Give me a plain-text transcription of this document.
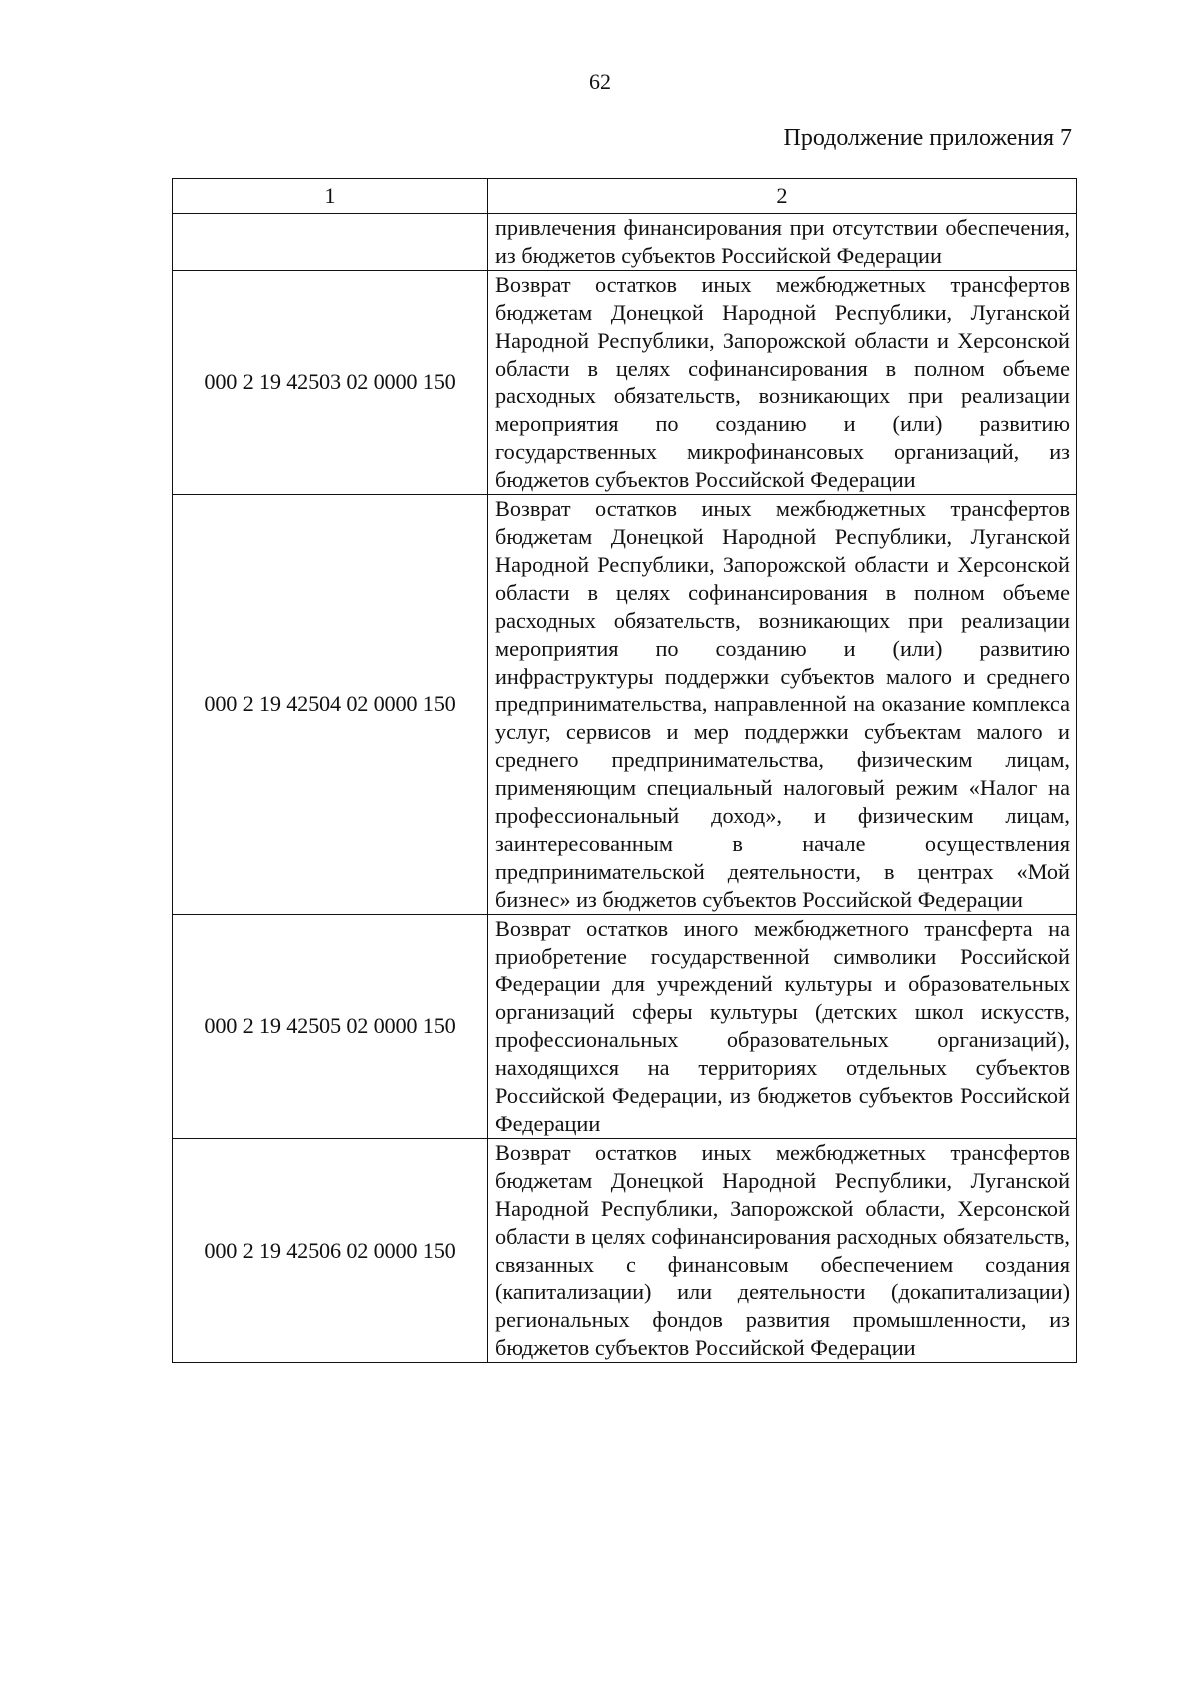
62
Продолжение приложения 7
1	2

	привлечения финансирования при отсутствии обеспечения, из бюджетов субъектов Российской Федерации

000 2 19 42503 02 0000 150	Возврат остатков иных межбюджетных трансфертов бюджетам Донецкой Народной Республики, Луганской Народной Республики, Запорожской области и Херсонской области в целях софинансирования в полном объеме расходных обязательств, возникающих при реализации мероприятия по созданию и (или) развитию государственных микрофинансовых организаций, из бюджетов субъектов Российской Федерации

000 2 19 42504 02 0000 150	Возврат остатков иных межбюджетных трансфертов бюджетам Донецкой Народной Республики, Луганской Народной Республики, Запорожской области и Херсонской области в целях софинансирования в полном объеме расходных обязательств, возникающих при реализации мероприятия по созданию и (или) развитию инфраструктуры поддержки субъектов малого и среднего предпринимательства, направленной на оказание комплекса услуг, сервисов и мер поддержки субъектам малого и среднего предпринимательства, физическим лицам, применяющим специальный налоговый режим «Налог на профессиональный доход», и физическим лицам, заинтересованным в начале осуществления предпринимательской деятельности, в центрах «Мой бизнес» из бюджетов субъектов Российской Федерации

000 2 19 42505 02 0000 150	Возврат остатков иного межбюджетного трансферта на приобретение государственной символики Российской Федерации для учреждений культуры и образовательных организаций сферы культуры (детских школ искусств, профессиональных образовательных организаций), находящихся на территориях отдельных субъектов Российской Федерации, из бюджетов субъектов Российской Федерации

000 2 19 42506 02 0000 150	Возврат остатков иных межбюджетных трансфертов бюджетам Донецкой Народной Республики, Луганской Народной Республики, Запорожской области, Херсонской области в целях софинансирования расходных обязательств, связанных с финансовым обеспечением создания (капитализации) или деятельности (докапитализации) региональных фондов развития промышленности, из бюджетов субъектов Российской Федерации
